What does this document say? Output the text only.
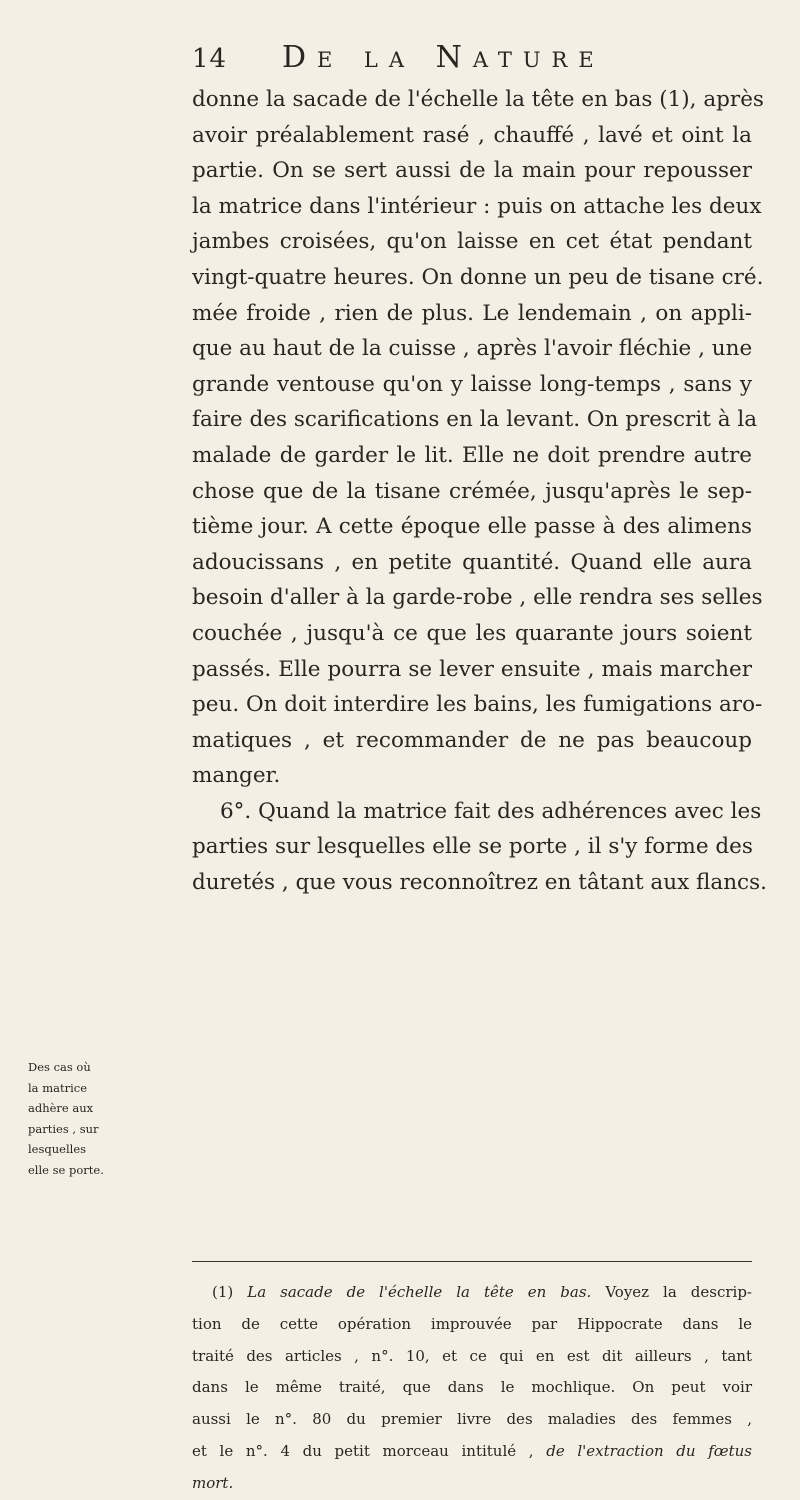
14 De la Nature
donne la sacade de l'échelle la tête en bas (1), après
avoir préalablement rasé , chauffé , lavé et oint la
partie. On se sert aussi de la main pour repousser
la matrice dans l'intérieur : puis on attache les deux
jambes croisées, qu'on laisse en cet état pendant
vingt-quatre heures. On donne un peu de tisane cré.
mée froide , rien de plus. Le lendemain , on appli-
que au haut de la cuisse , après l'avoir fléchie , une
grande ventouse qu'on y laisse long-temps , sans y
faire des scarifications en la levant. On prescrit à la
malade de garder le lit. Elle ne doit prendre autre
chose que de la tisane crémée, jusqu'après le sep-
tième jour. A cette époque elle passe à des alimens
adoucissans , en petite quantité. Quand elle aura
besoin d'aller à la garde-robe , elle rendra ses selles
couchée , jusqu'à ce que les quarante jours soient
passés. Elle pourra se lever ensuite , mais marcher
peu. On doit interdire les bains, les fumigations aro-
matiques , et recommander de ne pas beaucoup
manger.
6°. Quand la matrice fait des adhérences avec les
parties sur lesquelles elle se porte , il s'y forme des
duretés , que vous reconnoîtrez en tâtant aux flancs.
Des cas où
la matrice
adhère aux
parties , sur
lesquelles
elle se porte.
(1) La sacade de l'échelle la tête en bas. Voyez la descrip-
tion de cette opération improuvée par Hippocrate dans le
traité des articles , n°. 10, et ce qui en est dit ailleurs , tant
dans le même traité, que dans le mochlique. On peut voir
aussi le n°. 80 du premier livre des maladies des femmes ,
et le n°. 4 du petit morceau intitulé , de l'extraction du fœtus
mort.
